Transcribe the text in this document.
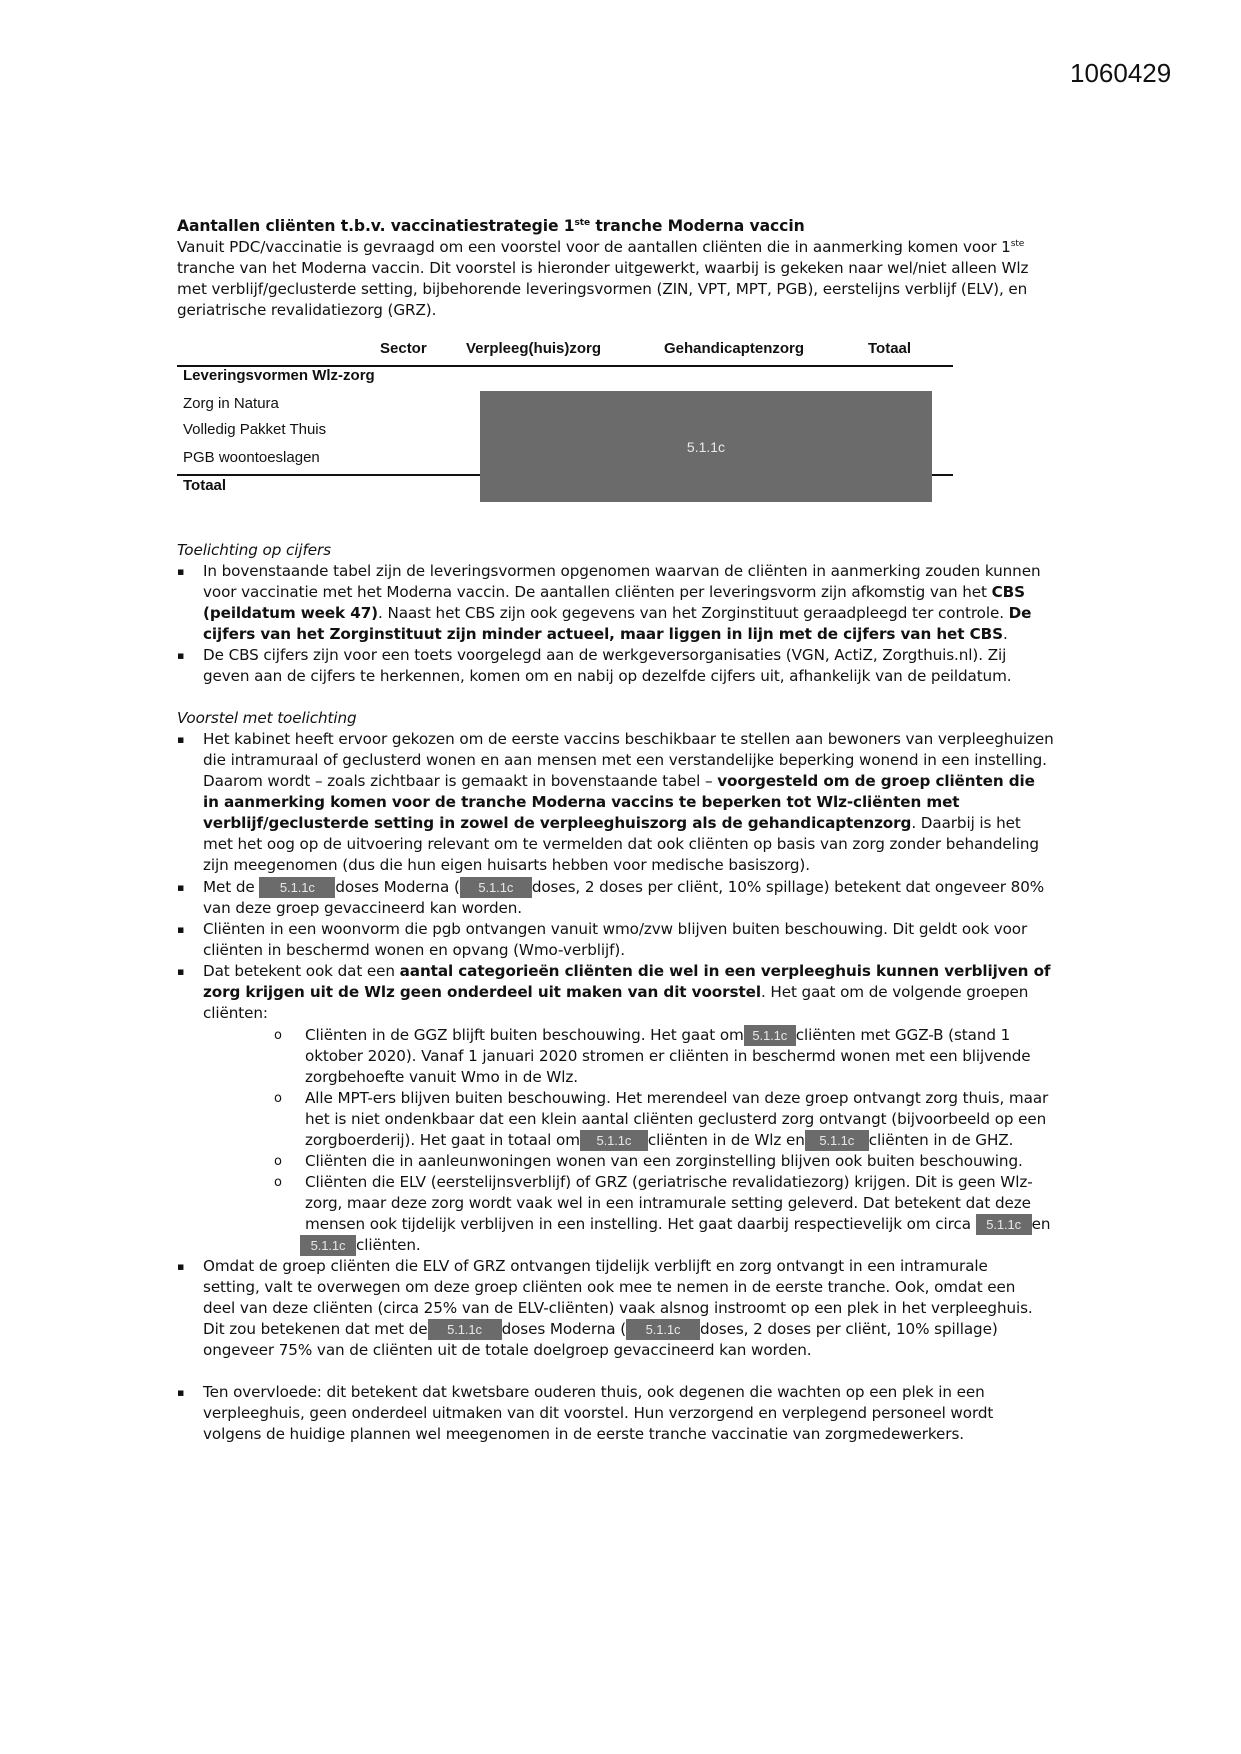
1060429
Aantallen cliënten t.b.v. vaccinatiestrategie 1ste tranche Moderna vaccin
Vanuit PDC/vaccinatie is gevraagd om een voorstel voor de aantallen cliënten die in aanmerking komen voor 1ste
tranche van het Moderna vaccin. Dit voorstel is hieronder uitgewerkt, waarbij is gekeken naar wel/niet alleen Wlz
met verblijf/geclusterde setting, bijbehorende leveringsvormen (ZIN, VPT, MPT, PGB), eerstelijns verblijf (ELV), en
geriatrische revalidatiezorg (GRZ).
Sector	Verpleeg(huis)zorg	Gehandicaptenzorg	Totaal
Leveringsvormen Wlz-zorg
Zorg in Natura
Volledig Pakket Thuis
PGB woontoeslagen
Totaal
5.1.1c
Toelichting op cijfers
▪ In bovenstaande tabel zijn de leveringsvormen opgenomen waarvan de cliënten in aanmerking zouden kunnen
voor vaccinatie met het Moderna vaccin. De aantallen cliënten per leveringsvorm zijn afkomstig van het CBS
(peildatum week 47). Naast het CBS zijn ook gegevens van het Zorginstituut geraadpleegd ter controle. De
cijfers van het Zorginstituut zijn minder actueel, maar liggen in lijn met de cijfers van het CBS.
▪ De CBS cijfers zijn voor een toets voorgelegd aan de werkgeversorganisaties (VGN, ActiZ, Zorgthuis.nl). Zij
geven aan de cijfers te herkennen, komen om en nabij op dezelfde cijfers uit, afhankelijk van de peildatum.
Voorstel met toelichting
▪ Het kabinet heeft ervoor gekozen om de eerste vaccins beschikbaar te stellen aan bewoners van verpleeghuizen
die intramuraal of geclusterd wonen en aan mensen met een verstandelijke beperking wonend in een instelling.
Daarom wordt – zoals zichtbaar is gemaakt in bovenstaande tabel – voorgesteld om de groep cliënten die
in aanmerking komen voor de tranche Moderna vaccins te beperken tot Wlz-cliënten met
verblijf/geclusterde setting in zowel de verpleeghuiszorg als de gehandicaptenzorg. Daarbij is het
met het oog op de uitvoering relevant om te vermelden dat ook cliënten op basis van zorg zonder behandeling
zijn meegenomen (dus die hun eigen huisarts hebben voor medische basiszorg).
▪ Met de 5.1.1c doses Moderna ( 5.1.1c doses, 2 doses per cliënt, 10% spillage) betekent dat ongeveer 80%
van deze groep gevaccineerd kan worden.
▪ Cliënten in een woonvorm die pgb ontvangen vanuit wmo/zvw blijven buiten beschouwing. Dit geldt ook voor
cliënten in beschermd wonen en opvang (Wmo-verblijf).
▪ Dat betekent ook dat een aantal categorieën cliënten die wel in een verpleeghuis kunnen verblijven of
zorg krijgen uit de Wlz geen onderdeel uit maken van dit voorstel. Het gaat om de volgende groepen
cliënten:
o Cliënten in de GGZ blijft buiten beschouwing. Het gaat om 5.1.1c cliënten met GGZ-B (stand 1
oktober 2020). Vanaf 1 januari 2020 stromen er cliënten in beschermd wonen met een blijvende
zorgbehoefte vanuit Wmo in de Wlz.
o Alle MPT-ers blijven buiten beschouwing. Het merendeel van deze groep ontvangt zorg thuis, maar
het is niet ondenkbaar dat een klein aantal cliënten geclusterd zorg ontvangt (bijvoorbeeld op een
zorgboerderij). Het gaat in totaal om 5.1.1c cliënten in de Wlz en 5.1.1c cliënten in de GHZ.
o Cliënten die in aanleunwoningen wonen van een zorginstelling blijven ook buiten beschouwing.
o Cliënten die ELV (eerstelijnsverblijf) of GRZ (geriatrische revalidatiezorg) krijgen. Dit is geen Wlz-
zorg, maar deze zorg wordt vaak wel in een intramurale setting geleverd. Dat betekent dat deze
mensen ook tijdelijk verblijven in een instelling. Het gaat daarbij respectievelijk om circa 5.1.1c en
5.1.1c cliënten.
▪ Omdat de groep cliënten die ELV of GRZ ontvangen tijdelijk verblijft en zorg ontvangt in een intramurale
setting, valt te overwegen om deze groep cliënten ook mee te nemen in de eerste tranche. Ook, omdat een
deel van deze cliënten (circa 25% van de ELV-cliënten) vaak alsnog instroomt op een plek in het verpleeghuis.
Dit zou betekenen dat met de 5.1.1c doses Moderna ( 5.1.1c doses, 2 doses per cliënt, 10% spillage)
ongeveer 75% van de cliënten uit de totale doelgroep gevaccineerd kan worden.
▪ Ten overvloede: dit betekent dat kwetsbare ouderen thuis, ook degenen die wachten op een plek in een
verpleeghuis, geen onderdeel uitmaken van dit voorstel. Hun verzorgend en verplegend personeel wordt
volgens de huidige plannen wel meegenomen in de eerste tranche vaccinatie van zorgmedewerkers.
